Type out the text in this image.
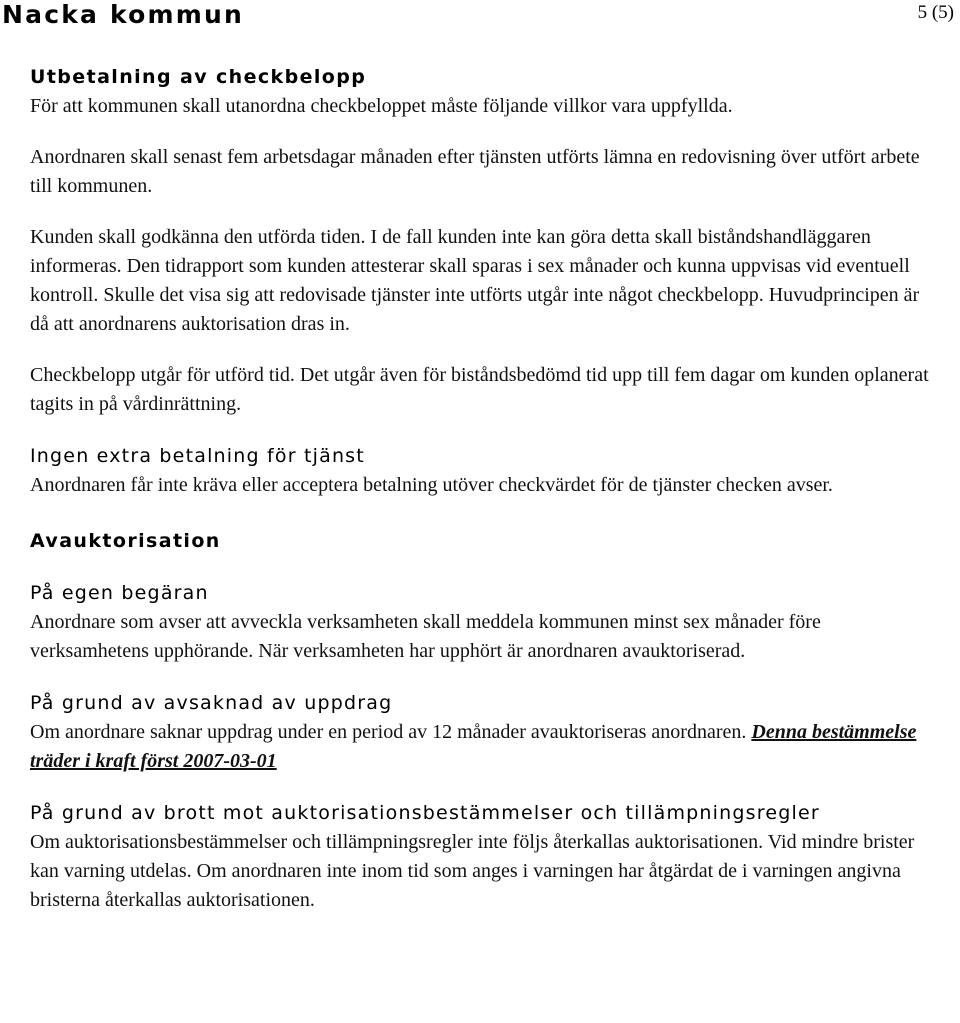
Nacka kommun	5 (5)
Utbetalning av checkbelopp

För att kommunen skall utanordna checkbeloppet måste följande villkor vara uppfyllda.

Anordnaren skall senast fem arbetsdagar månaden efter tjänsten utförts lämna en redovisning över utfört arbete till kommunen.

Kunden skall godkänna den utförda tiden. I de fall kunden inte kan göra detta skall biståndshandläggaren informeras. Den tidrapport som kunden attesterar skall sparas i sex månader och kunna uppvisas vid eventuell kontroll. Skulle det visa sig att redovisade tjänster inte utförts utgår inte något checkbelopp. Huvudprincipen är då att anordnarens auktorisation dras in.

Checkbelopp utgår för utförd tid. Det utgår även för biståndsbedömd tid upp till fem dagar om kunden oplanerat tagits in på vårdinrättning.

Ingen extra betalning för tjänst

Anordnaren får inte kräva eller acceptera betalning utöver checkvärdet för de tjänster checken avser.

Avauktorisation
På egen begäran

Anordnare som avser att avveckla verksamheten skall meddela kommunen minst sex månader före verksamhetens upphörande. När verksamheten har upphört är anordnaren avauktoriserad.

På grund av avsaknad av uppdrag

Om anordnare saknar uppdrag under en period av 12 månader avauktoriseras anordnaren. Denna bestämmelse träder i kraft först 2007-03-01

På grund av brott mot auktorisationsbestämmelser och tillämpningsregler

Om auktorisationsbestämmelser och tillämpningsregler inte följs återkallas auktorisationen. Vid mindre brister kan varning utdelas. Om anordnaren inte inom tid som anges i varningen har åtgärdat de i varningen angivna bristerna återkallas auktorisationen.
